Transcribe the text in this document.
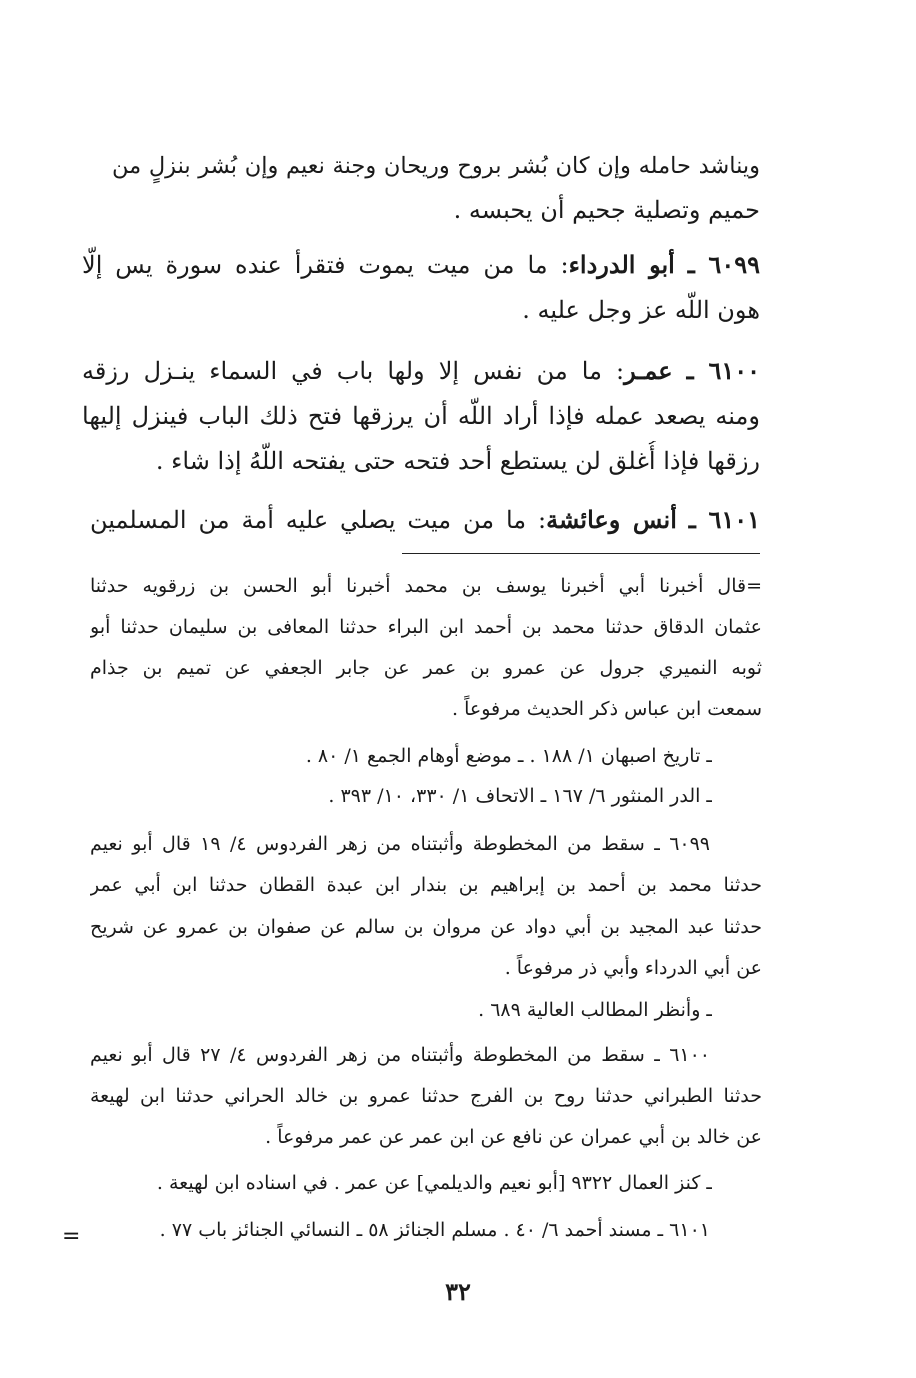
ويناشد حامله وإن كان بُشر بروح وريحان وجنة نعيم وإن بُشر بنزلٍ من
حميم وتصلية جحيم أن يحبسه .
٦٠٩٩ ـ أبو الدرداء: ما من ميت يموت فتقرأ عنده سورة يس إلّا
هون اللّه عز وجل عليه .
٦١٠٠ ـ عمـر: ما من نفس إلا ولها باب في السماء ينـزل رزقه
ومنه يصعد عمله فإذا أراد اللّه أن يرزقها فتح ذلك الباب فينزل إليها
رزقها فإذا أُغلق لن يستطع أحد فتحه حتى يفتحه اللّهُ إذا شاء .
٦١٠١ ـ أنس وعائشة: ما من ميت يصلي عليه أمة من المسلمين
=قال أخبرنا أبي أخبرنا يوسف بن محمد أخبرنا أبو الحسن بن زرقويه حدثنا
عثمان الدقاق حدثنا محمد بن أحمد ابن البراء حدثنا المعافى بن سليمان حدثنا أبو
ثوبه النميري جرول عن عمرو بن عمر عن جابر الجعفي عن تميم بن جذام
سمعت ابن عباس ذكر الحديث مرفوعاً .
ـ تاريخ اصبهان ١/ ١٨٨ . ـ موضع أوهام الجمع ١/ ٨٠ .
ـ الدر المنثور ٦/ ١٦٧ ـ الاتحاف ١/ ٣٣٠، ١٠/ ٣٩٣ .
٦٠٩٩ ـ سقط من المخطوطة وأثبتناه من زهر الفردوس ٤/ ١٩ قال أبو نعيم
حدثنا محمد بن أحمد بن إبراهيم بن بندار ابن عبدة القطان حدثنا ابن أبي عمر
حدثنا عبد المجيد بن أبي دواد عن مروان بن سالم عن صفوان بن عمرو عن شريح
عن أبي الدرداء وأبي ذر مرفوعاً .
ـ وأنظر المطالب العالية ٦٨٩ .
٦١٠٠ ـ سقط من المخطوطة وأثبتناه من زهر الفردوس ٤/ ٢٧ قال أبو نعيم
حدثنا الطبراني حدثنا روح بن الفرج حدثنا عمرو بن خالد الحراني حدثنا ابن لهيعة
عن خالد بن أبي عمران عن نافع عن ابن عمر عن عمر مرفوعاً .
ـ كنز العمال ٩٣٢٢ [أبو نعيم والديلمي] عن عمر . في اسناده ابن لهيعة .
٦١٠١ ـ مسند أحمد ٦/ ٤٠ . مسلم الجنائز ٥٨ ـ النسائي الجنائز باب ٧٧ .
=
٣٢
